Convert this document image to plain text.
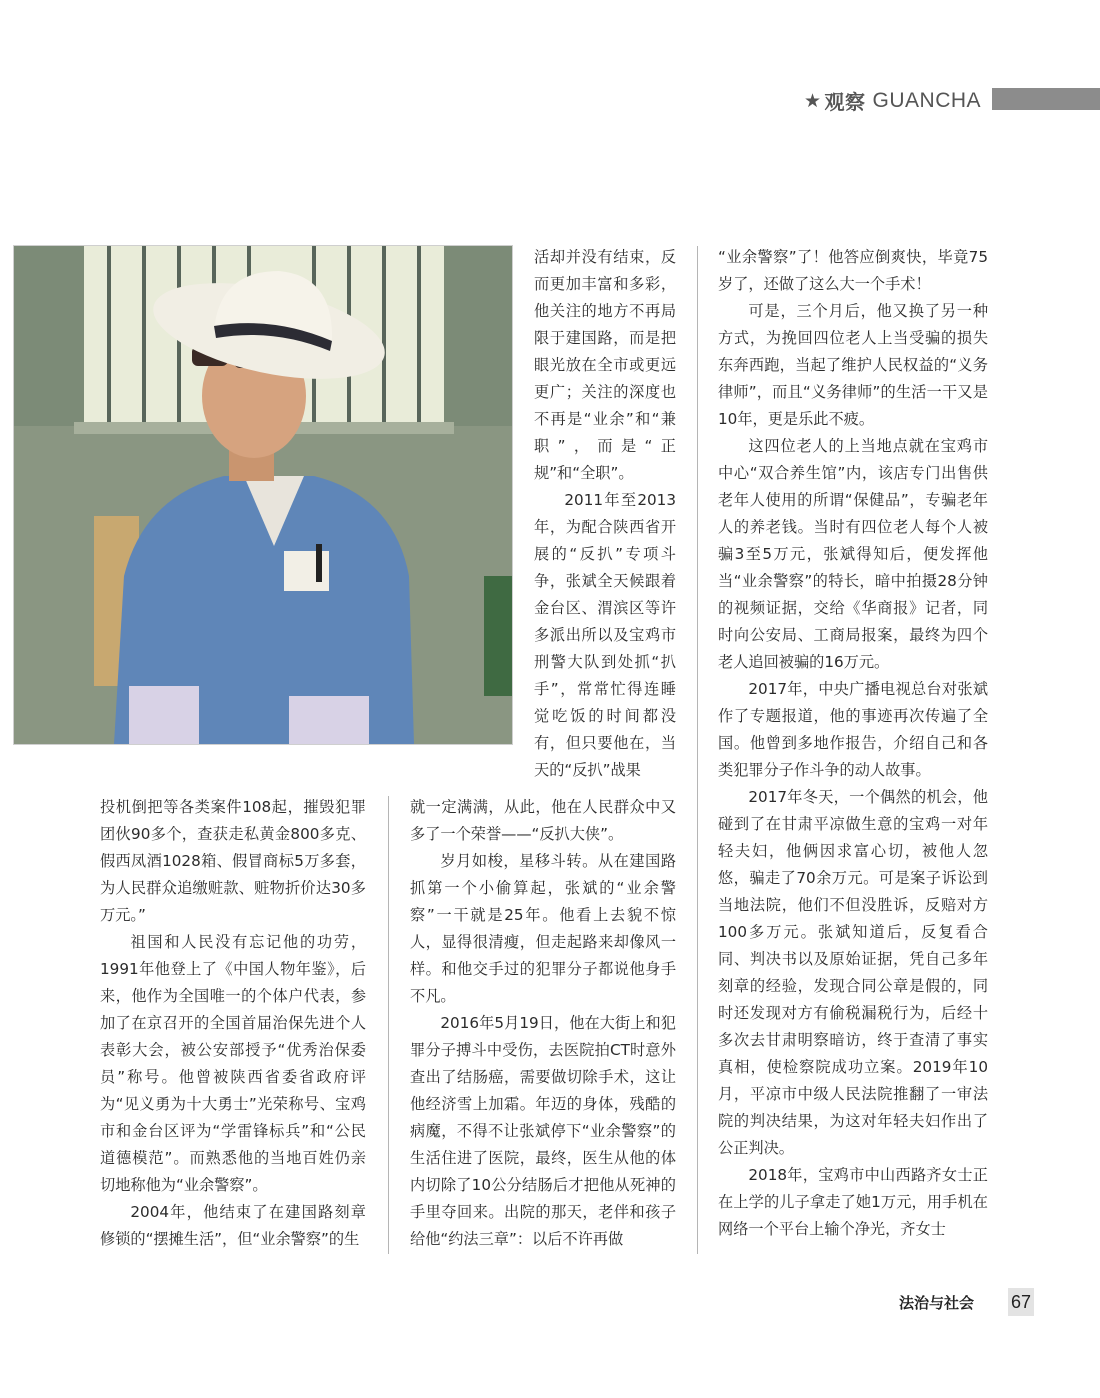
★ 观察 GUANCHA

投机倒把等各类案件108起，摧毁犯罪团伙90多个，查获走私黄金800多克、假西凤酒1028箱、假冒商标5万多套，为人民群众追缴赃款、赃物折价达30多万元。”

祖国和人民没有忘记他的功劳，1991年他登上了《中国人物年鉴》，后来，他作为全国唯一的个体户代表，参加了在京召开的全国首届治保先进个人表彰大会，被公安部授予“优秀治保委员”称号。他曾被陕西省委省政府评为“见义勇为十大勇士”光荣称号、宝鸡市和金台区评为“学雷锋标兵”和“公民道德模范”。而熟悉他的当地百姓仍亲切地称他为“业余警察”。

2004年，他结束了在建国路刻章修锁的“摆摊生活”，但“业余警察”的生

活却并没有结束，反而更加丰富和多彩，他关注的地方不再局限于建国路，而是把眼光放在全市或更远更广；关注的深度也不再是“业余”和“兼职”，而是“正规”和“全职”。

2011年至2013年，为配合陕西省开展的“反扒”专项斗争，张斌全天候跟着金台区、渭滨区等许多派出所以及宝鸡市刑警大队到处抓“扒手”，常常忙得连睡觉吃饭的时间都没有，但只要他在，当天的“反扒”战果

就一定满满，从此，他在人民群众中又多了一个荣誉——“反扒大侠”。

岁月如梭，星移斗转。从在建国路抓第一个小偷算起，张斌的“业余警察”一干就是25年。他看上去貌不惊人，显得很清瘦，但走起路来却像风一样。和他交手过的犯罪分子都说他身手不凡。

2016年5月19日，他在大街上和犯罪分子搏斗中受伤，去医院拍CT时意外查出了结肠癌，需要做切除手术，这让他经济雪上加霜。年迈的身体，残酷的病魔，不得不让张斌停下“业余警察”的生活住进了医院，最终，医生从他的体内切除了10公分结肠后才把他从死神的手里夺回来。出院的那天，老伴和孩子给他“约法三章”：以后不许再做

“业余警察”了！他答应倒爽快，毕竟75岁了，还做了这么大一个手术！

可是，三个月后，他又换了另一种方式，为挽回四位老人上当受骗的损失东奔西跑，当起了维护人民权益的“义务律师”，而且“义务律师”的生活一干又是10年，更是乐此不疲。

这四位老人的上当地点就在宝鸡市中心“双合养生馆”内，该店专门出售供老年人使用的所谓“保健品”，专骗老年人的养老钱。当时有四位老人每个人被骗3至5万元，张斌得知后，便发挥他当“业余警察”的特长，暗中拍摄28分钟的视频证据，交给《华商报》记者，同时向公安局、工商局报案，最终为四个老人追回被骗的16万元。

2017年，中央广播电视总台对张斌作了专题报道，他的事迹再次传遍了全国。他曾到多地作报告，介绍自己和各类犯罪分子作斗争的动人故事。

2017年冬天，一个偶然的机会，他碰到了在甘肃平凉做生意的宝鸡一对年轻夫妇，他俩因求富心切，被他人忽悠，骗走了70余万元。可是案子诉讼到当地法院，他们不但没胜诉，反赔对方100多万元。张斌知道后，反复看合同、判决书以及原始证据，凭自己多年刻章的经验，发现合同公章是假的，同时还发现对方有偷税漏税行为，后经十多次去甘肃明察暗访，终于查清了事实真相，使检察院成功立案。2019年10月，平凉市中级人民法院推翻了一审法院的判决结果，为这对年轻夫妇作出了公正判决。

2018年，宝鸡市中山西路齐女士正在上学的儿子拿走了她1万元，用手机在网络一个平台上输个净光，齐女士

法治与社会 67
